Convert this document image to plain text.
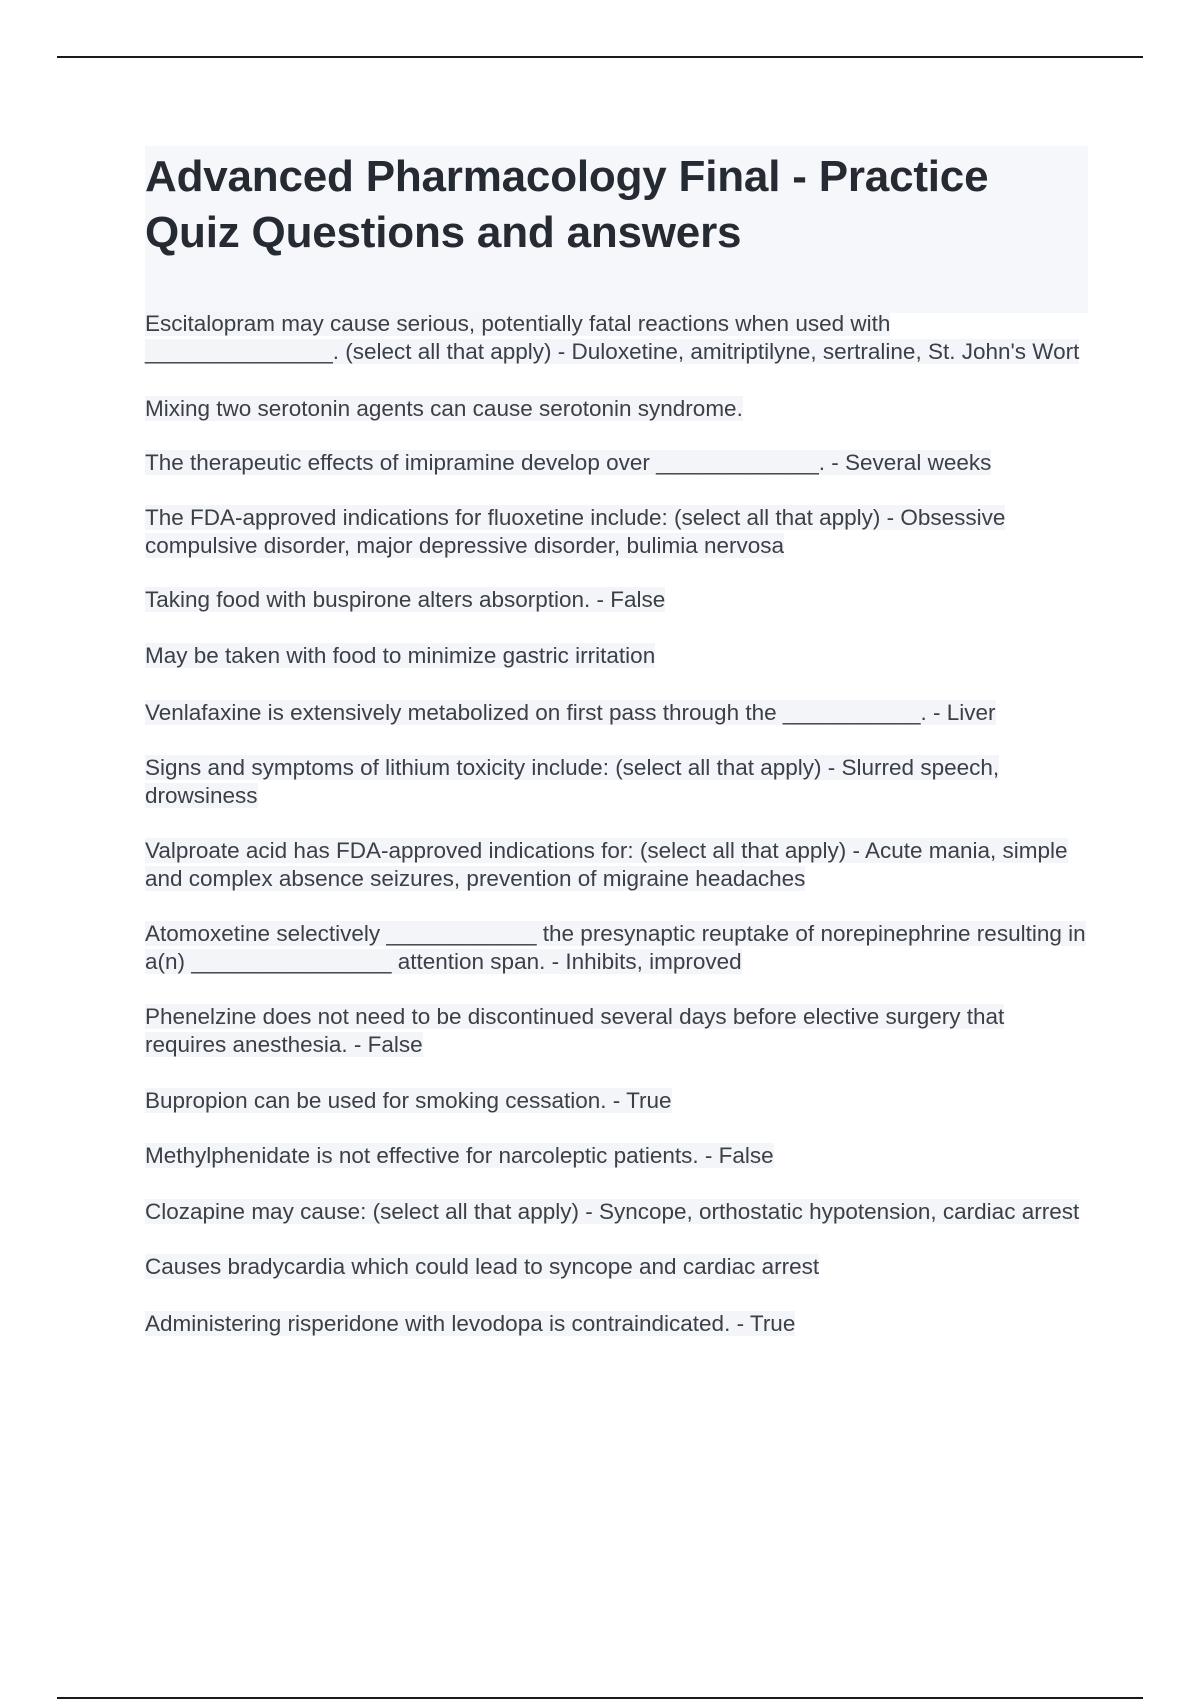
Advanced Pharmacology Final - Practice Quiz Questions and answers
Escitalopram may cause serious, potentially fatal reactions when used with _______________. (select all that apply) - Duloxetine, amitriptilyne, sertraline, St. John's Wort
Mixing two serotonin agents can cause serotonin syndrome.
The therapeutic effects of imipramine develop over _____________. - Several weeks
The FDA-approved indications for fluoxetine include: (select all that apply) - Obsessive compulsive disorder, major depressive disorder, bulimia nervosa
Taking food with buspirone alters absorption. - False
May be taken with food to minimize gastric irritation
Venlafaxine is extensively metabolized on first pass through the ___________. - Liver
Signs and symptoms of lithium toxicity include: (select all that apply) - Slurred speech, drowsiness
Valproate acid has FDA-approved indications for: (select all that apply) - Acute mania, simple and complex absence seizures, prevention of migraine headaches
Atomoxetine selectively ____________ the presynaptic reuptake of norepinephrine resulting in a(n) ________________ attention span. - Inhibits, improved
Phenelzine does not need to be discontinued several days before elective surgery that requires anesthesia. - False
Bupropion can be used for smoking cessation. - True
Methylphenidate is not effective for narcoleptic patients. - False
Clozapine may cause: (select all that apply) - Syncope, orthostatic hypotension, cardiac arrest
Causes bradycardia which could lead to syncope and cardiac arrest
Administering risperidone with levodopa is contraindicated. - True
